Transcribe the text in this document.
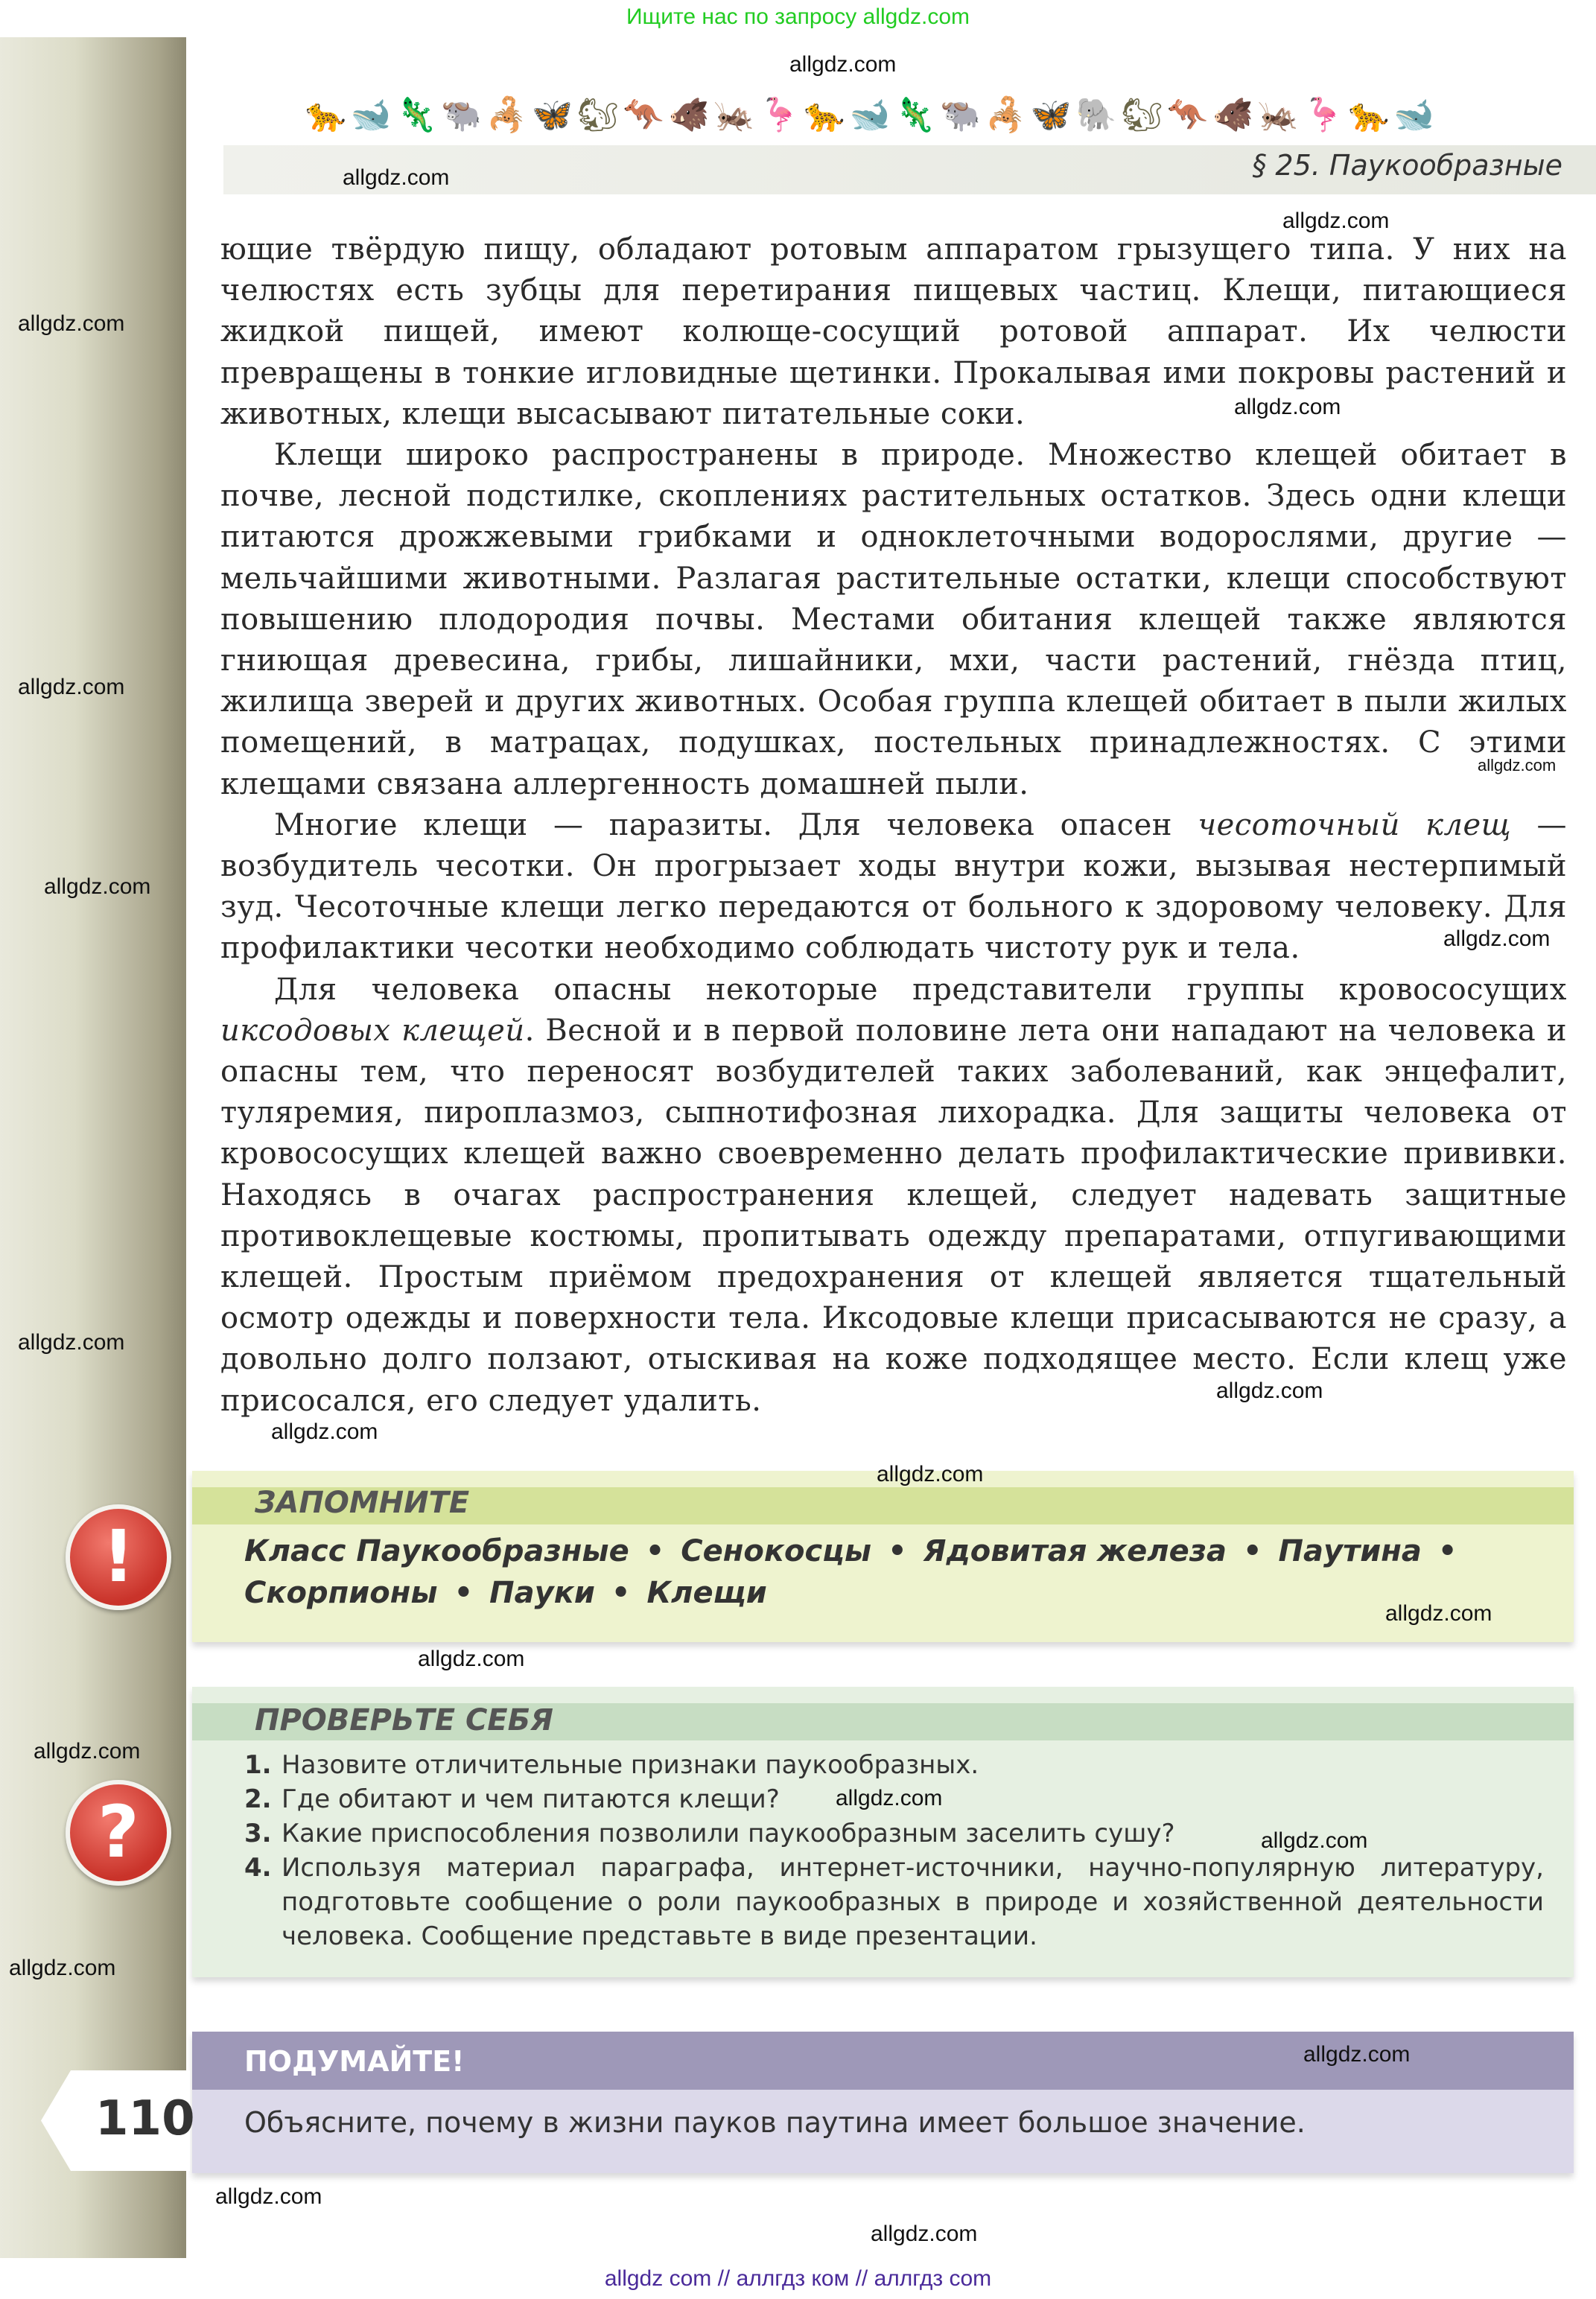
Ищите нас по запросу allgdz.com
🐆 🐋 🦎 🐃 🦂 🦋 🐿 🦘 🐗 🦗 🦩 🐆 🐋 🦎 🐃 🦂 🦋 🐘 🐿 🦘 🐗 🦗 🦩 🐆 🐋
§ 25. Паукообразные

ющие твёрдую пищу, обладают ротовым аппаратом грызущего типа. У них на челюстях есть зубцы для перетирания пищевых частиц. Клещи, питающиеся жидкой пищей, имеют колюще-сосущий ротовой аппарат. Их челюсти превращены в тонкие игловидные щетинки. Прокалывая ими покровы растений и животных, клещи высасывают питательные соки.

Клещи широко распространены в природе. Множество клещей обитает в почве, лесной подстилке, скоплениях растительных остатков. Здесь одни клещи питаются дрожжевыми грибками и одноклеточными водорослями, другие — мельчайшими животными. Разлагая растительные остатки, клещи способствуют повышению плодородия почвы. Местами обитания клещей также являются гниющая древесина, грибы, лишайники, мхи, части растений, гнёзда птиц, жилища зверей и других животных. Особая группа клещей обитает в пыли жилых помещений, в матрацах, подушках, постельных принадлежностях. С этими клещами связана аллергенность домашней пыли.

Многие клещи — паразиты. Для человека опасен чесоточный клещ — возбудитель чесотки. Он прогрызает ходы внутри кожи, вызывая нестерпимый зуд. Чесоточные клещи легко передаются от больного к здоровому человеку. Для профилактики чесотки необходимо соблюдать чистоту рук и тела.

Для человека опасны некоторые представители группы кровососущих иксодовых клещей. Весной и в первой половине лета они нападают на человека и опасны тем, что переносят возбудителей таких заболеваний, как энцефалит, туляремия, пироплазмоз, сыпнотифозная лихорадка. Для защиты человека от кровососущих клещей важно своевременно делать профилактические прививки. Находясь в очагах распространения клещей, следует надевать защитные противоклещевые костюмы, пропитывать одежду препаратами, отпугивающими клещей. Простым приёмом предохранения от клещей является тщательный осмотр одежды и поверхности тела. Иксодовые клещи присасываются не сразу, а довольно долго ползают, отыскивая на коже подходящее место. Если клещ уже присосался, его следует удалить.

ЗАПОМНИТЕ
Класс Паукообразные • Сенокосцы • Ядовитая железа • Паутина •
Скорпионы • Пауки • Клещи
!
ПРОВЕРЬТЕ СЕБЯ
1. Назовите отличительные признаки паукообразных.
2. Где обитают и чем питаются клещи?
3. Какие приспособления позволили паукообразным заселить сушу?
4. Используя материал параграфа, интернет-источники, научно-популярную литературу, подготовьте сообщение о роли паукообразных в природе и хозяйственной деятельности человека. Сообщение представьте в виде презентации.
?
ПОДУМАЙТЕ!
Объясните, почему в жизни пауков паутина имеет большое значение.
110
allgdz.com
allgdz.com
allgdz.com
allgdz.com
allgdz.com
allgdz.com
allgdz.com
allgdz.com
allgdz.com
allgdz.com
allgdz.com
allgdz.com
allgdz.com
allgdz.com
allgdz.com
allgdz.com
allgdz.com
allgdz.com
allgdz.com
allgdz.com
allgdz.com
allgdz.com
allgdz com // аллгдз ком // аллгдз com
